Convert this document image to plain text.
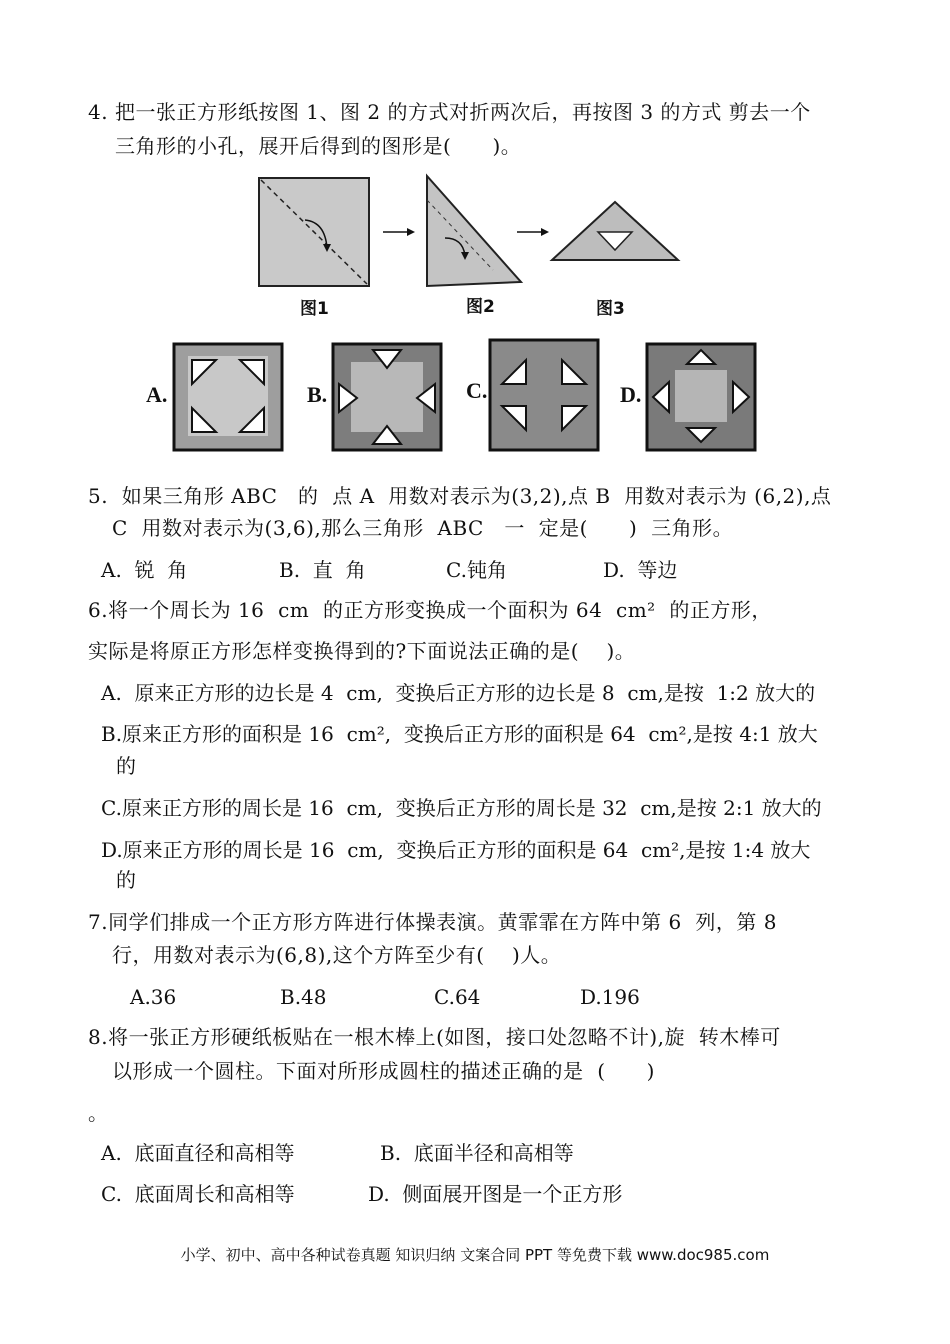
4. 把一张正方形纸按图 1、图 2 的方式对折两次后，再按图 3 的方式 剪去一个
三角形的小孔，展开后得到的图形是(      )。
图1	图2	图3
A.	B.	C.	D.
5.  如果三角形 ABC   的  点 A  用数对表示为(3,2),点 B  用数对表示为 (6,2),点
C  用数对表示为(3,6),那么三角形  ABC   一  定是(      )  三角形。
A.  锐  角	B.  直  角	C.钝角	D.  等边
6.将一个周长为 16  cm  的正方形变换成一个面积为 64  cm²  的正方形，
实际是将原正方形怎样变换得到的?下面说法正确的是(    )。
A.  原来正方形的边长是 4  cm,  变换后正方形的边长是 8  cm,是按  1:2 放大的
B.原来正方形的面积是 16  cm²,  变换后正方形的面积是 64  cm²,是按 4:1 放大
的
C.原来正方形的周长是 16  cm,  变换后正方形的周长是 32  cm,是按 2:1 放大的
D.原来正方形的周长是 16  cm,  变换后正方形的面积是 64  cm²,是按 1:4 放大
的
7.同学们排成一个正方形方阵进行体操表演。黄霏霏在方阵中第 6  列，第 8
行，用数对表示为(6,8),这个方阵至少有(    )人。
A.36	B.48	C.64	D.196
8.将一张正方形硬纸板贴在一根木棒上(如图，接口处忽略不计),旋  转木棒可
以形成一个圆柱。下面对所形成圆柱的描述正确的是  (      )
。
A.  底面直径和高相等	B.  底面半径和高相等
C.  底面周长和高相等	D.  侧面展开图是一个正方形
小学、初中、高中各种试卷真题 知识归纳 文案合同 PPT 等免费下载 www.doc985.com
